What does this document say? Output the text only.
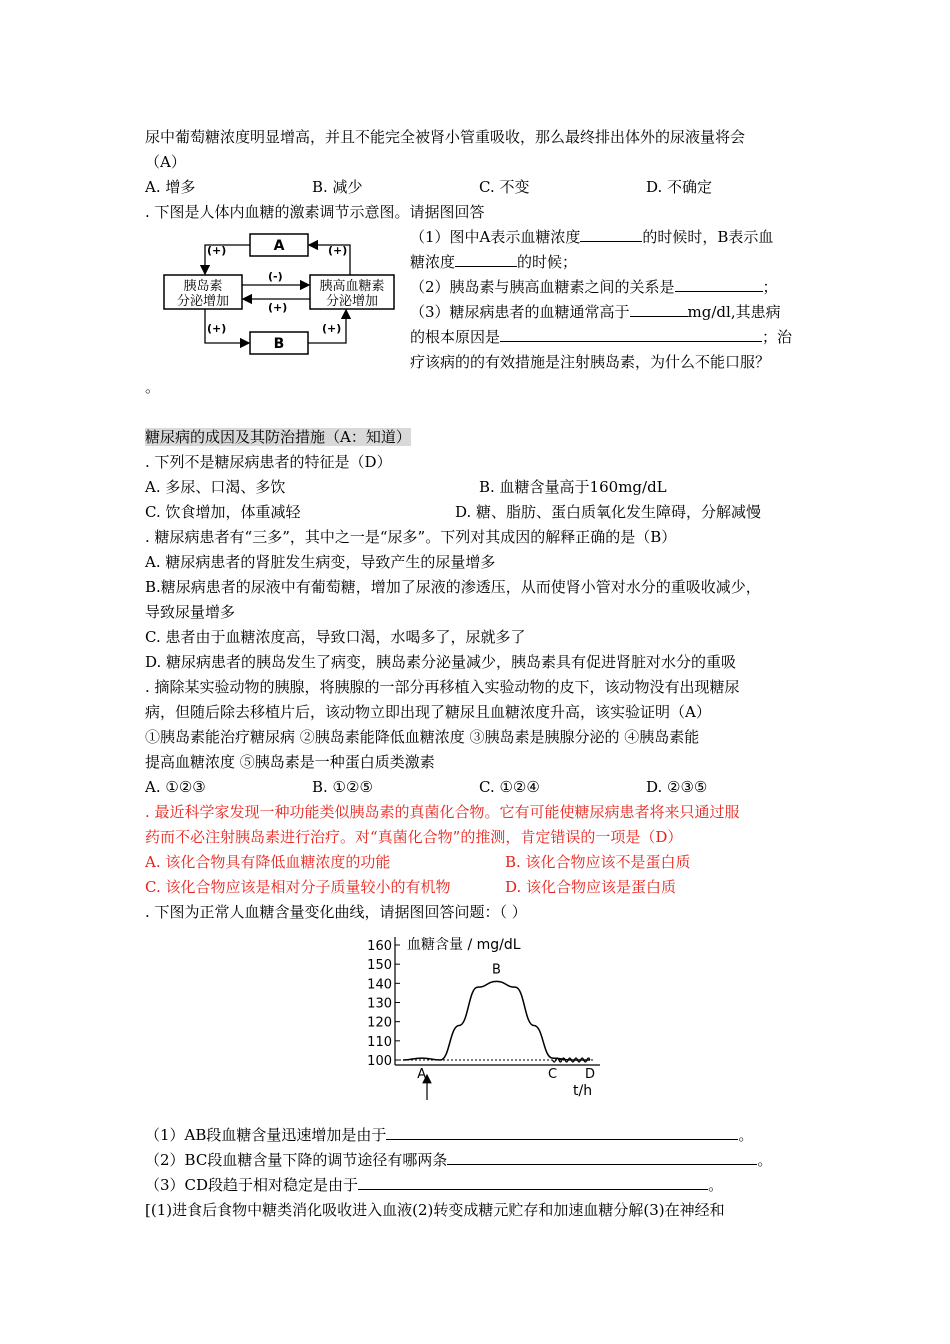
尿中葡萄糖浓度明显增高，并且不能完全被肾小管重吸收，那么最终排出体外的尿液量将会
（A）
A. 增多	B. 减少	C. 不变	D. 不确定
. 下图是人体内血糖的激素调节示意图。请据图回答
A
B
胰岛素
分泌增加
胰高血糖素
分泌增加
(+)	(+)
(-)
(+)
(+)	(+)
（1）图中A表示血糖浓度	的时候时，B表示血
糖浓度	的时候；
（2）胰岛素与胰高血糖素之间的关系是	；
（3）糖尿病患者的血糖通常高于	mg/dl,其患病
的根本原因是	；治
疗该病的的有效措施是注射胰岛素，为什么不能口服？
。
糖尿病的成因及其防治措施（A：知道）
. 下列不是糖尿病患者的特征是（D）
A. 多尿、口渴、多饮	B. 血糖含量高于160mg/dL
C. 饮食增加，体重减轻	D. 糖、脂肪、蛋白质氧化发生障碍，分解减慢
. 糖尿病患者有“三多”，其中之一是“尿多”。下列对其成因的解释正确的是（B）
A. 糖尿病患者的肾脏发生病变，导致产生的尿量增多
B.糖尿病患者的尿液中有葡萄糖，增加了尿液的渗透压，从而使肾小管对水分的重吸收减少，
导致尿量增多
C. 患者由于血糖浓度高，导致口渴，水喝多了，尿就多了
D. 糖尿病患者的胰岛发生了病变，胰岛素分泌量减少，胰岛素具有促进肾脏对水分的重吸
. 摘除某实验动物的胰腺，将胰腺的一部分再移植入实验动物的皮下，该动物没有出现糖尿
病，但随后除去移植片后，该动物立即出现了糖尿且血糖浓度升高，该实验证明（A）
①胰岛素能治疗糖尿病 ②胰岛素能降低血糖浓度 ③胰岛素是胰腺分泌的 ④胰岛素能
提高血糖浓度 ⑤胰岛素是一种蛋白质类激素
A. ①②③	B. ①②⑤	C. ①②④	D. ②③⑤
. 最近科学家发现一种功能类似胰岛素的真菌化合物。它有可能使糖尿病患者将来只通过服
药而不必注射胰岛素进行治疗。对“真菌化合物”的推测，肯定错误的一项是（D）
A. 该化合物具有降低血糖浓度的功能	B. 该化合物应该不是蛋白质
C. 该化合物应该是相对分子质量较小的有机物	D. 该化合物应该是蛋白质
. 下图为正常人血糖含量变化曲线，请据图回答问题：（ ）
血糖含量 / mg/dL
t/h
100
110
120
130
140
150
160
A
B
C D
（1）AB段血糖含量迅速增加是由于	。
（2）BC段血糖含量下降的调节途径有哪两条	。
（3）CD段趋于相对稳定是由于	。
[(1)进食后食物中糖类消化吸收进入血液(2)转变成糖元贮存和加速血糖分解(3)在神经和
